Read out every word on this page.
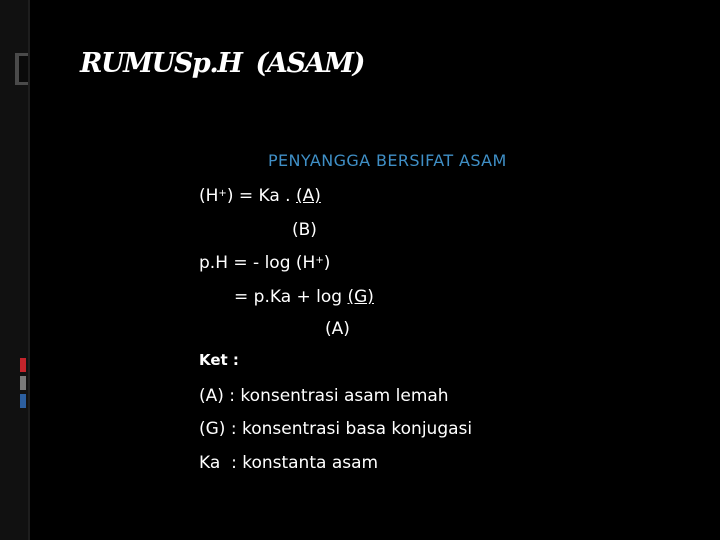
RUMUSp.H (ASAM)
PENYANGGA BERSIFAT ASAM
(H+) = Ka . (A)
(B)
p.H = - log (H+)
= p.Ka + log (G)
(A)
Ket :
(A) : konsentrasi asam lemah
(G) : konsentrasi basa konjugasi
Ka  : konstanta asam
